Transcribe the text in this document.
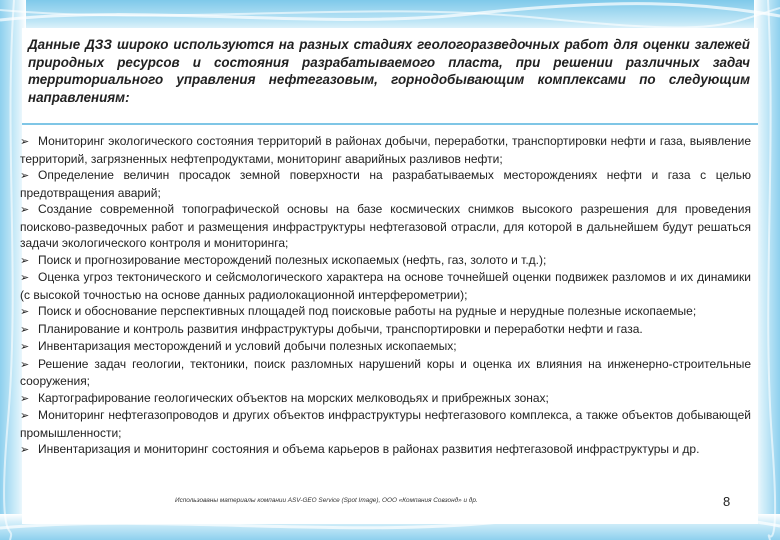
Данные ДЗЗ широко используются на разных стадиях геологоразведочных работ для оценки залежей природных ресурсов и состояния разрабатываемого пласта, при решении различных задач территориального управления нефтегазовым, горнодобывающим комплексами по следующим направлениям:
➢ Мониторинг экологического состояния территорий в районах добычи, переработки, транспортировки нефти и газа, выявление территорий, загрязненных нефтепродуктами, мониторинг аварийных разливов нефти;
➢ Определение величин просадок земной поверхности на разрабатываемых месторождениях нефти и газа с целью предотвращения аварий;
➢ Создание современной топографической основы на базе космических снимков высокого разрешения для проведения поисково-разведочных работ и размещения инфраструктуры нефтегазовой отрасли, для которой в дальнейшем будут решаться задачи экологического контроля и мониторинга;
➢ Поиск и прогнозирование месторождений полезных ископаемых (нефть, газ, золото и т.д.);
➢ Оценка угроз тектонического и сейсмологического характера на основе точнейшей оценки подвижек разломов и их динамики (с высокой точностью на основе данных радиолокационной интерферометрии);
➢ Поиск и обоснование перспективных площадей под поисковые работы на рудные и нерудные полезные ископаемые;
➢ Планирование и контроль развития инфраструктуры добычи, транспортировки и переработки нефти и газа.
➢ Инвентаризация месторождений и условий добычи полезных ископаемых;
➢ Решение задач геологии, тектоники, поиск разломных нарушений коры и оценка их влияния на инженерно-строительные сооружения;
➢ Картографирование геологических объектов на морских мелководьях и прибрежных зонах;
➢ Мониторинг нефтегазопроводов и других объектов инфраструктуры нефтегазового комплекса, а также объектов добывающей промышленности;
➢ Инвентаризация и мониторинг состояния и объема карьеров в районах развития нефтегазовой инфраструктуры и др.
Использованы материалы компании ASV-GEO Service (Spot Image), ООО «Компания Совзонд» и др.	8
